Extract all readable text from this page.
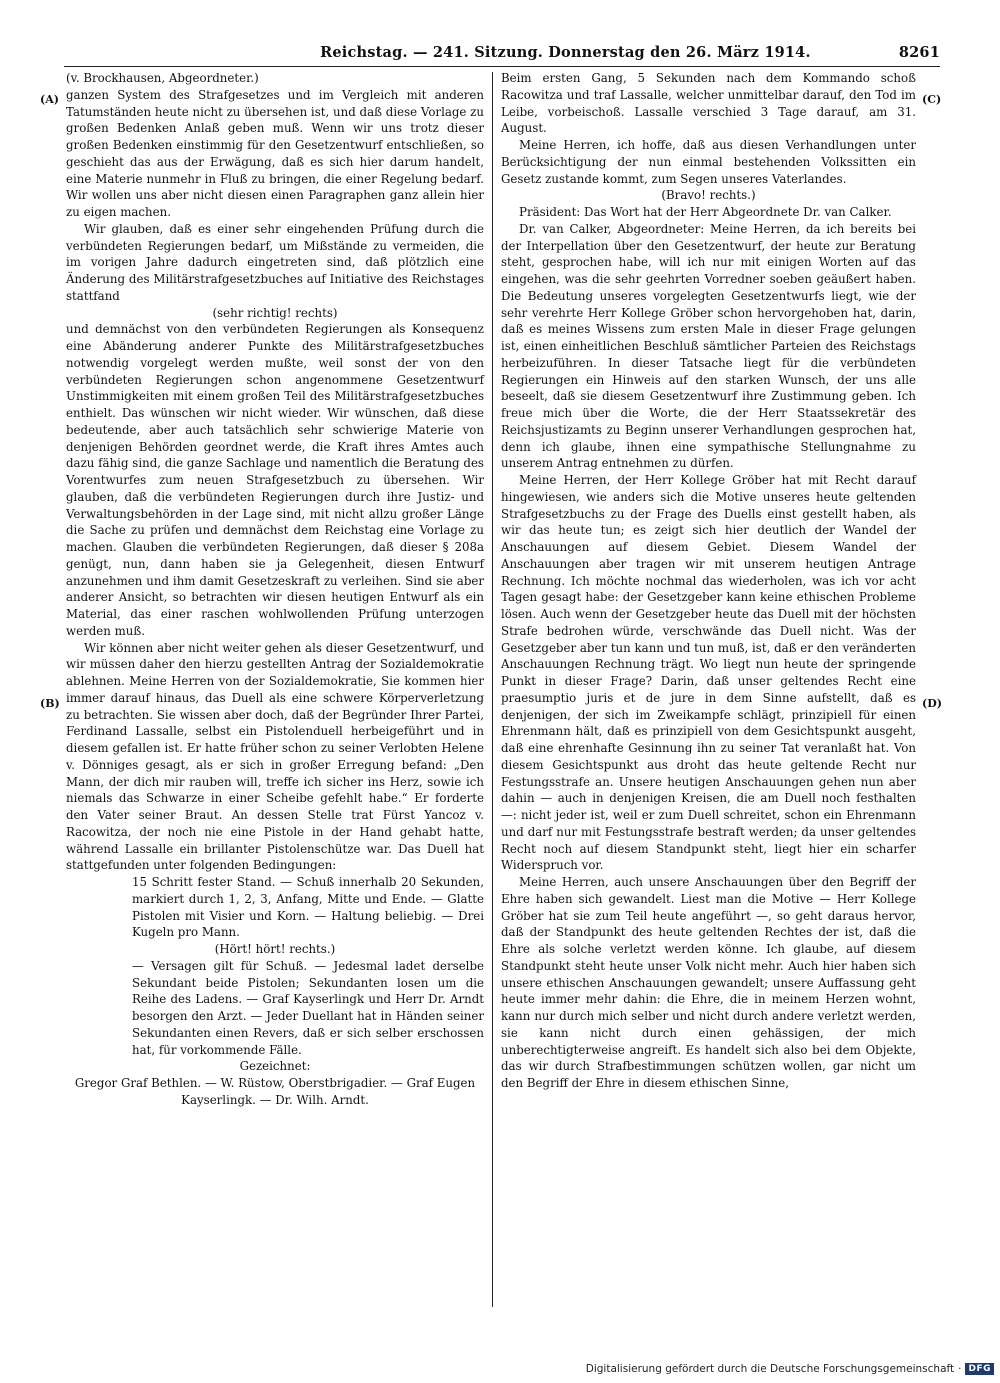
Reichstag. — 241. Sitzung. Donnerstag den 26. März 1914.	8261
(A)
(B)
(C)
(D)

(v. Brockhausen, Abgeordneter.)

ganzen System des Strafgesetzes und im Vergleich mit anderen Tatumständen heute nicht zu übersehen ist, und daß diese Vorlage zu großen Bedenken Anlaß geben muß. Wenn wir uns trotz dieser großen Bedenken einstimmig für den Gesetzentwurf entschließen, so geschieht das aus der Erwägung, daß es sich hier darum handelt, eine Materie nunmehr in Fluß zu bringen, die einer Regelung bedarf. Wir wollen uns aber nicht diesen einen Paragraphen ganz allein hier zu eigen machen.

Wir glauben, daß es einer sehr eingehenden Prüfung durch die verbündeten Regierungen bedarf, um Mißstände zu vermeiden, die im vorigen Jahre dadurch eingetreten sind, daß plötzlich eine Änderung des Militärstrafgesetzbuches auf Initiative des Reichstages stattfand

(sehr richtig! rechts)

und demnächst von den verbündeten Regierungen als Konsequenz eine Abänderung anderer Punkte des Militärstrafgesetzbuches notwendig vorgelegt werden mußte, weil sonst der von den verbündeten Regierungen schon angenommene Gesetzentwurf Unstimmigkeiten mit einem großen Teil des Militärstrafgesetzbuches enthielt. Das wünschen wir nicht wieder. Wir wünschen, daß diese bedeutende, aber auch tatsächlich sehr schwierige Materie von denjenigen Behörden geordnet werde, die Kraft ihres Amtes auch dazu fähig sind, die ganze Sachlage und namentlich die Beratung des Vorentwurfes zum neuen Strafgesetzbuch zu übersehen. Wir glauben, daß die verbündeten Regierungen durch ihre Justiz- und Verwaltungsbehörden in der Lage sind, mit nicht allzu großer Länge die Sache zu prüfen und demnächst dem Reichstag eine Vorlage zu machen. Glauben die verbündeten Regierungen, daß dieser § 208a genügt, nun, dann haben sie ja Gelegenheit, diesen Entwurf anzunehmen und ihm damit Gesetzeskraft zu verleihen. Sind sie aber anderer Ansicht, so betrachten wir diesen heutigen Entwurf als ein Material, das einer raschen wohlwollenden Prüfung unterzogen werden muß.

Wir können aber nicht weiter gehen als dieser Gesetzentwurf, und wir müssen daher den hierzu gestellten Antrag der Sozialdemokratie ablehnen. Meine Herren von der Sozialdemokratie, Sie kommen hier immer darauf hinaus, das Duell als eine schwere Körperverletzung zu betrachten. Sie wissen aber doch, daß der Begründer Ihrer Partei, Ferdinand Lassalle, selbst ein Pistolenduell herbeigeführt und in diesem gefallen ist. Er hatte früher schon zu seiner Verlobten Helene v. Dönniges gesagt, als er sich in großer Erregung befand: „Den Mann, der dich mir rauben will, treffe ich sicher ins Herz, sowie ich niemals das Schwarze in einer Scheibe gefehlt habe.“ Er forderte den Vater seiner Braut. An dessen Stelle trat Fürst Yancoz v. Racowitza, der noch nie eine Pistole in der Hand gehabt hatte, während Lassalle ein brillanter Pistolenschütze war. Das Duell hat stattgefunden unter folgenden Bedingungen:

15 Schritt fester Stand. — Schuß innerhalb 20 Sekunden, markiert durch 1, 2, 3, Anfang, Mitte und Ende. — Glatte Pistolen mit Visier und Korn. — Haltung beliebig. — Drei Kugeln pro Mann.

(Hört! hört! rechts.)

— Versagen gilt für Schuß. — Jedesmal ladet derselbe Sekundant beide Pistolen; Sekundanten losen um die Reihe des Ladens. — Graf Kayserlingk und Herr Dr. Arndt besorgen den Arzt. — Jeder Duellant hat in Händen seiner Sekundanten einen Revers, daß er sich selber erschossen hat, für vorkommende Fälle.

Gezeichnet:

Gregor Graf Bethlen. — W. Rüstow, Oberstbrigadier. — Graf Eugen Kayserlingk. — Dr. Wilh. Arndt.

Beim ersten Gang, 5 Sekunden nach dem Kommando schoß Racowitza und traf Lassalle, welcher unmittelbar darauf, den Tod im Leibe, vorbeischoß. Lassalle verschied 3 Tage darauf, am 31. August.

Meine Herren, ich hoffe, daß aus diesen Verhandlungen unter Berücksichtigung der nun einmal bestehenden Volkssitten ein Gesetz zustande kommt, zum Segen unseres Vaterlandes.

(Bravo! rechts.)

Präsident: Das Wort hat der Herr Abgeordnete Dr. van Calker.

Dr. van Calker, Abgeordneter: Meine Herren, da ich bereits bei der Interpellation über den Gesetzentwurf, der heute zur Beratung steht, gesprochen habe, will ich nur mit einigen Worten auf das eingehen, was die sehr geehrten Vorredner soeben geäußert haben. Die Bedeutung unseres vorgelegten Gesetzentwurfs liegt, wie der sehr verehrte Herr Kollege Gröber schon hervorgehoben hat, darin, daß es meines Wissens zum ersten Male in dieser Frage gelungen ist, einen einheitlichen Beschluß sämtlicher Parteien des Reichstags herbeizuführen. In dieser Tatsache liegt für die verbündeten Regierungen ein Hinweis auf den starken Wunsch, der uns alle beseelt, daß sie diesem Gesetzentwurf ihre Zustimmung geben. Ich freue mich über die Worte, die der Herr Staatssekretär des Reichsjustizamts zu Beginn unserer Verhandlungen gesprochen hat, denn ich glaube, ihnen eine sympathische Stellungnahme zu unserem Antrag entnehmen zu dürfen.

Meine Herren, der Herr Kollege Gröber hat mit Recht darauf hingewiesen, wie anders sich die Motive unseres heute geltenden Strafgesetzbuchs zu der Frage des Duells einst gestellt haben, als wir das heute tun; es zeigt sich hier deutlich der Wandel der Anschauungen auf diesem Gebiet. Diesem Wandel der Anschauungen aber tragen wir mit unserem heutigen Antrage Rechnung. Ich möchte nochmal das wiederholen, was ich vor acht Tagen gesagt habe: der Gesetzgeber kann keine ethischen Probleme lösen. Auch wenn der Gesetzgeber heute das Duell mit der höchsten Strafe bedrohen würde, verschwände das Duell nicht. Was der Gesetzgeber aber tun kann und tun muß, ist, daß er den veränderten Anschauungen Rechnung trägt. Wo liegt nun heute der springende Punkt in dieser Frage? Darin, daß unser geltendes Recht eine praesumptio juris et de jure in dem Sinne aufstellt, daß es denjenigen, der sich im Zweikampfe schlägt, prinzipiell für einen Ehrenmann hält, daß es prinzipiell von dem Gesichtspunkt ausgeht, daß eine ehrenhafte Gesinnung ihn zu seiner Tat veranlaßt hat. Von diesem Gesichtspunkt aus droht das heute geltende Recht nur Festungsstrafe an. Unsere heutigen Anschauungen gehen nun aber dahin — auch in denjenigen Kreisen, die am Duell noch festhalten —: nicht jeder ist, weil er zum Duell schreitet, schon ein Ehrenmann und darf nur mit Festungsstrafe bestraft werden; da unser geltendes Recht noch auf diesem Standpunkt steht, liegt hier ein scharfer Widerspruch vor.

Meine Herren, auch unsere Anschauungen über den Begriff der Ehre haben sich gewandelt. Liest man die Motive — Herr Kollege Gröber hat sie zum Teil heute angeführt —, so geht daraus hervor, daß der Standpunkt des heute geltenden Rechtes der ist, daß die Ehre als solche verletzt werden könne. Ich glaube, auf diesem Standpunkt steht heute unser Volk nicht mehr. Auch hier haben sich unsere ethischen Anschauungen gewandelt; unsere Auffassung geht heute immer mehr dahin: die Ehre, die in meinem Herzen wohnt, kann nur durch mich selber und nicht durch andere verletzt werden, sie kann nicht durch einen gehässigen, der mich unberechtigterweise angreift. Es handelt sich also bei dem Objekte, das wir durch Strafbestimmungen schützen wollen, gar nicht um den Begriff der Ehre in diesem ethischen Sinne,

Digitalisierung gefördert durch die Deutsche Forschungsgemeinschaft · DFG
